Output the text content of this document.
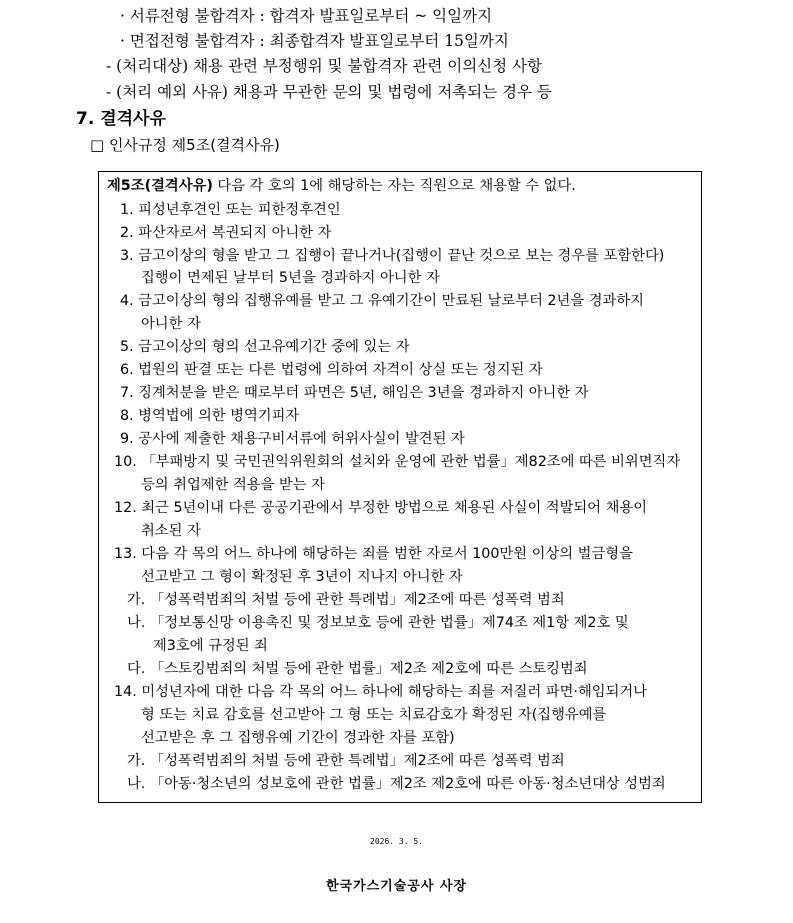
· 서류전형 불합격자 : 합격자 발표일로부터 ~ 익일까지
· 면접전형 불합격자 : 최종합격자 발표일로부터 15일까지
- (처리대상) 채용 관련 부정행위 및 불합격자 관련 이의신청 사항
- (처리 예외 사유) 채용과 무관한 문의 및 법령에 저촉되는 경우 등
7. 결격사유
□ 인사규정 제5조(결격사유)
제5조(결격사유) 다음 각 호의 1에 해당하는 자는 직원으로 채용할 수 없다.
1. 피성년후견인 또는 피한정후견인
2. 파산자로서 복권되지 아니한 자
3. 금고이상의 형을 받고 그 집행이 끝나거나(집행이 끝난 것으로 보는 경우를 포함한다)
집행이 면제된 날부터 5년을 경과하지 아니한 자
4. 금고이상의 형의 집행유예를 받고 그 유예기간이 만료된 날로부터 2년을 경과하지
아니한 자
5. 금고이상의 형의 선고유예기간 중에 있는 자
6. 법원의 판결 또는 다른 법령에 의하여 자격이 상실 또는 정지된 자
7. 징계처분을 받은 때로부터 파면은 5년, 해임은 3년을 경과하지 아니한 자
8. 병역법에 의한 병역기피자
9. 공사에 제출한 채용구비서류에 허위사실이 발견된 자
10. 「부패방지 및 국민권익위원회의 설치와 운영에 관한 법률」제82조에 따른 비위면직자
등의 취업제한 적용을 받는 자
12. 최근 5년이내 다른 공공기관에서 부정한 방법으로 채용된 사실이 적발되어 채용이
취소된 자
13. 다음 각 목의 어느 하나에 해당하는 죄를 범한 자로서 100만원 이상의 벌금형을
선고받고 그 형이 확정된 후 3년이 지나지 아니한 자
가. 「성폭력범죄의 처벌 등에 관한 특례법」제2조에 따른 성폭력 범죄
나. 「정보통신망 이용촉진 및 정보보호 등에 관한 법률」제74조 제1항 제2호 및
제3호에 규정된 죄
다. 「스토킹범죄의 처벌 등에 관한 법률」제2조 제2호에 따른 스토킹범죄
14. 미성년자에 대한 다음 각 목의 어느 하나에 해당하는 죄를 저질러 파면·해임되거나
형 또는 치료 감호를 선고받아 그 형 또는 치료감호가 확정된 자(집행유예를
선고받은 후 그 집행유예 기간이 경과한 자를 포함)
가. 「성폭력범죄의 처벌 등에 관한 특례법」제2조에 따른 성폭력 범죄
나. 「아동·청소년의 성보호에 관한 법률」제2조 제2호에 따른 아동·청소년대상 성범죄
2026. 3. 5.
한국가스기술공사 사장
